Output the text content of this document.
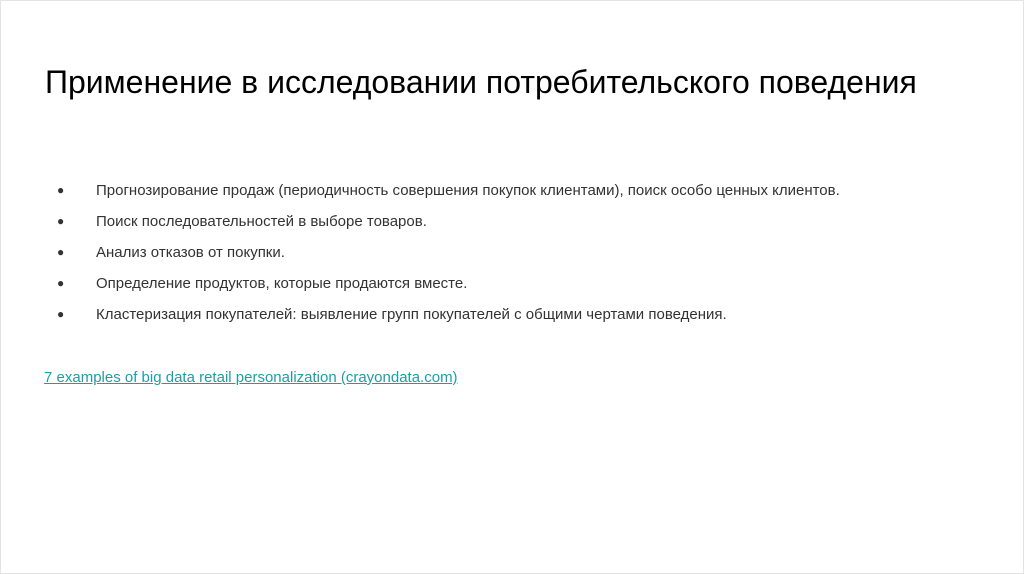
Применение в исследовании потребительского поведения
●	Прогнозирование продаж (периодичность совершения покупок клиентами), поиск особо ценных клиентов.
●	Поиск последовательностей в выборе товаров.
●	Анализ отказов от покупки.
●	Определение продуктов, которые продаются вместе.
●	Кластеризация покупателей: выявление групп покупателей с общими чертами поведения.
7 examples of big data retail personalization (crayondata.com)
